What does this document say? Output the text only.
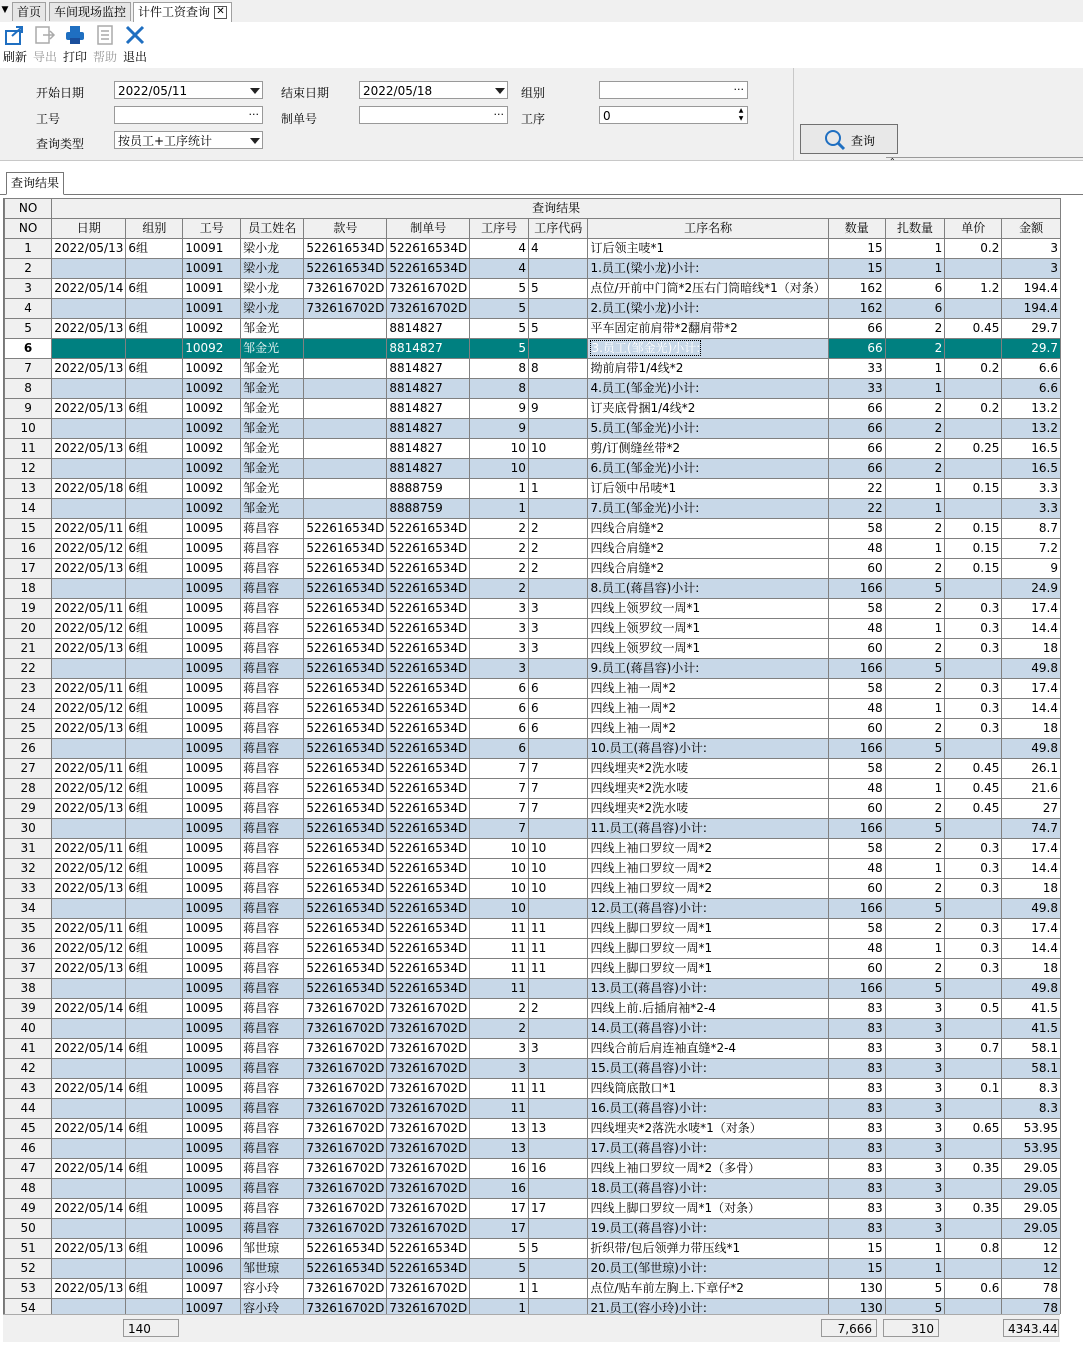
▼ 首页	车间现场监控 计件工资查询 ✕
刷新 导出 打印 帮助 退出
开始日期	2022/05/11	结束日期	2022/05/18	组别	···
工号	··· 制单号	··· 工序	0	▲
▼
查询类型	按员工+工序统计	查询
⌃
查询结果
NO	查询结果												
NO	日期	组别	工号	员工姓名	款号	制单号	工序号	工序代码	工序名称	数量	扎数量	单价	金额
1	2022/05/13	6组	10091	梁小龙	522616534D	522616534D	4	4	订后领主唛*1	15	1	0.2	3
2			10091	梁小龙	522616534D	522616534D	4		1.员工(梁小龙)小计:	15	1		3
3	2022/05/14	6组	10091	梁小龙	732616702D	732616702D	5	5	点位/开前中门筒*2压右门筒暗线*1（对条）	162	6	1.2	194.4
4			10091	梁小龙	732616702D	732616702D	5		2.员工(梁小龙)小计:	162	6		194.4
5	2022/05/13	6组	10092	邹金光		8814827	5	5	平车固定前肩带*2翻肩带*2	66	2	0.45	29.7
6			10092	邹金光		8814827	5		3.员工(邹金光)小计:	66	2		29.7
7	2022/05/13	6组	10092	邹金光		8814827	8	8	拗前肩带1/4线*2	33	1	0.2	6.6
8			10092	邹金光		8814827	8		4.员工(邹金光)小计:	33	1		6.6
9	2022/05/13	6组	10092	邹金光		8814827	9	9	订夹底骨捆1/4线*2	66	2	0.2	13.2
10			10092	邹金光		8814827	9		5.员工(邹金光)小计:	66	2		13.2
11	2022/05/13	6组	10092	邹金光		8814827	10	10	剪/订侧缝丝带*2	66	2	0.25	16.5
12			10092	邹金光		8814827	10		6.员工(邹金光)小计:	66	2		16.5
13	2022/05/18	6组	10092	邹金光		8888759	1	1	订后领中吊唛*1	22	1	0.15	3.3
14			10092	邹金光		8888759	1		7.员工(邹金光)小计:	22	1		3.3
15	2022/05/11	6组	10095	蒋昌容	522616534D	522616534D	2	2	四线合肩缝*2	58	2	0.15	8.7
16	2022/05/12	6组	10095	蒋昌容	522616534D	522616534D	2	2	四线合肩缝*2	48	1	0.15	7.2
17	2022/05/13	6组	10095	蒋昌容	522616534D	522616534D	2	2	四线合肩缝*2	60	2	0.15	9
18			10095	蒋昌容	522616534D	522616534D	2		8.员工(蒋昌容)小计:	166	5		24.9
19	2022/05/11	6组	10095	蒋昌容	522616534D	522616534D	3	3	四线上领罗纹一周*1	58	2	0.3	17.4
20	2022/05/12	6组	10095	蒋昌容	522616534D	522616534D	3	3	四线上领罗纹一周*1	48	1	0.3	14.4
21	2022/05/13	6组	10095	蒋昌容	522616534D	522616534D	3	3	四线上领罗纹一周*1	60	2	0.3	18
22			10095	蒋昌容	522616534D	522616534D	3		9.员工(蒋昌容)小计:	166	5		49.8
23	2022/05/11	6组	10095	蒋昌容	522616534D	522616534D	6	6	四线上袖一周*2	58	2	0.3	17.4
24	2022/05/12	6组	10095	蒋昌容	522616534D	522616534D	6	6	四线上袖一周*2	48	1	0.3	14.4
25	2022/05/13	6组	10095	蒋昌容	522616534D	522616534D	6	6	四线上袖一周*2	60	2	0.3	18
26			10095	蒋昌容	522616534D	522616534D	6		10.员工(蒋昌容)小计:	166	5		49.8
27	2022/05/11	6组	10095	蒋昌容	522616534D	522616534D	7	7	四线埋夹*2洗水唛	58	2	0.45	26.1
28	2022/05/12	6组	10095	蒋昌容	522616534D	522616534D	7	7	四线埋夹*2洗水唛	48	1	0.45	21.6
29	2022/05/13	6组	10095	蒋昌容	522616534D	522616534D	7	7	四线埋夹*2洗水唛	60	2	0.45	27
30			10095	蒋昌容	522616534D	522616534D	7		11.员工(蒋昌容)小计:	166	5		74.7
31	2022/05/11	6组	10095	蒋昌容	522616534D	522616534D	10	10	四线上袖口罗纹一周*2	58	2	0.3	17.4
32	2022/05/12	6组	10095	蒋昌容	522616534D	522616534D	10	10	四线上袖口罗纹一周*2	48	1	0.3	14.4
33	2022/05/13	6组	10095	蒋昌容	522616534D	522616534D	10	10	四线上袖口罗纹一周*2	60	2	0.3	18
34			10095	蒋昌容	522616534D	522616534D	10		12.员工(蒋昌容)小计:	166	5		49.8
35	2022/05/11	6组	10095	蒋昌容	522616534D	522616534D	11	11	四线上脚口罗纹一周*1	58	2	0.3	17.4
36	2022/05/12	6组	10095	蒋昌容	522616534D	522616534D	11	11	四线上脚口罗纹一周*1	48	1	0.3	14.4
37	2022/05/13	6组	10095	蒋昌容	522616534D	522616534D	11	11	四线上脚口罗纹一周*1	60	2	0.3	18
38			10095	蒋昌容	522616534D	522616534D	11		13.员工(蒋昌容)小计:	166	5		49.8
39	2022/05/14	6组	10095	蒋昌容	732616702D	732616702D	2	2	四线上前.后插肩袖*2-4	83	3	0.5	41.5
40			10095	蒋昌容	732616702D	732616702D	2		14.员工(蒋昌容)小计:	83	3		41.5
41	2022/05/14	6组	10095	蒋昌容	732616702D	732616702D	3	3	四线合前后肩连袖直缝*2-4	83	3	0.7	58.1
42			10095	蒋昌容	732616702D	732616702D	3		15.员工(蒋昌容)小计:	83	3		58.1
43	2022/05/14	6组	10095	蒋昌容	732616702D	732616702D	11	11	四线筒底散口*1	83	3	0.1	8.3
44			10095	蒋昌容	732616702D	732616702D	11		16.员工(蒋昌容)小计:	83	3		8.3
45	2022/05/14	6组	10095	蒋昌容	732616702D	732616702D	13	13	四线埋夹*2落洗水唛*1（对条）	83	3	0.65	53.95
46			10095	蒋昌容	732616702D	732616702D	13		17.员工(蒋昌容)小计:	83	3		53.95
47	2022/05/14	6组	10095	蒋昌容	732616702D	732616702D	16	16	四线上袖口罗纹一周*2（多骨）	83	3	0.35	29.05
48			10095	蒋昌容	732616702D	732616702D	16		18.员工(蒋昌容)小计:	83	3		29.05
49	2022/05/14	6组	10095	蒋昌容	732616702D	732616702D	17	17	四线上脚口罗纹一周*1（对条）	83	3	0.35	29.05
50			10095	蒋昌容	732616702D	732616702D	17		19.员工(蒋昌容)小计:	83	3		29.05
51	2022/05/13	6组	10096	邹世琼	522616534D	522616534D	5	5	折织带/包后领弹力带压线*1	15	1	0.8	12
52			10096	邹世琼	522616534D	522616534D	5		20.员工(邹世琼)小计:	15	1		12
53	2022/05/13	6组	10097	容小玲	732616702D	732616702D	1	1	点位/贴车前左胸上.下章仔*2	130	5	0.6	78
54			10097	容小玲	732616702D	732616702D	1		21.员工(容小玲)小计:	130	5		78
140	7,666	310	4343.44
